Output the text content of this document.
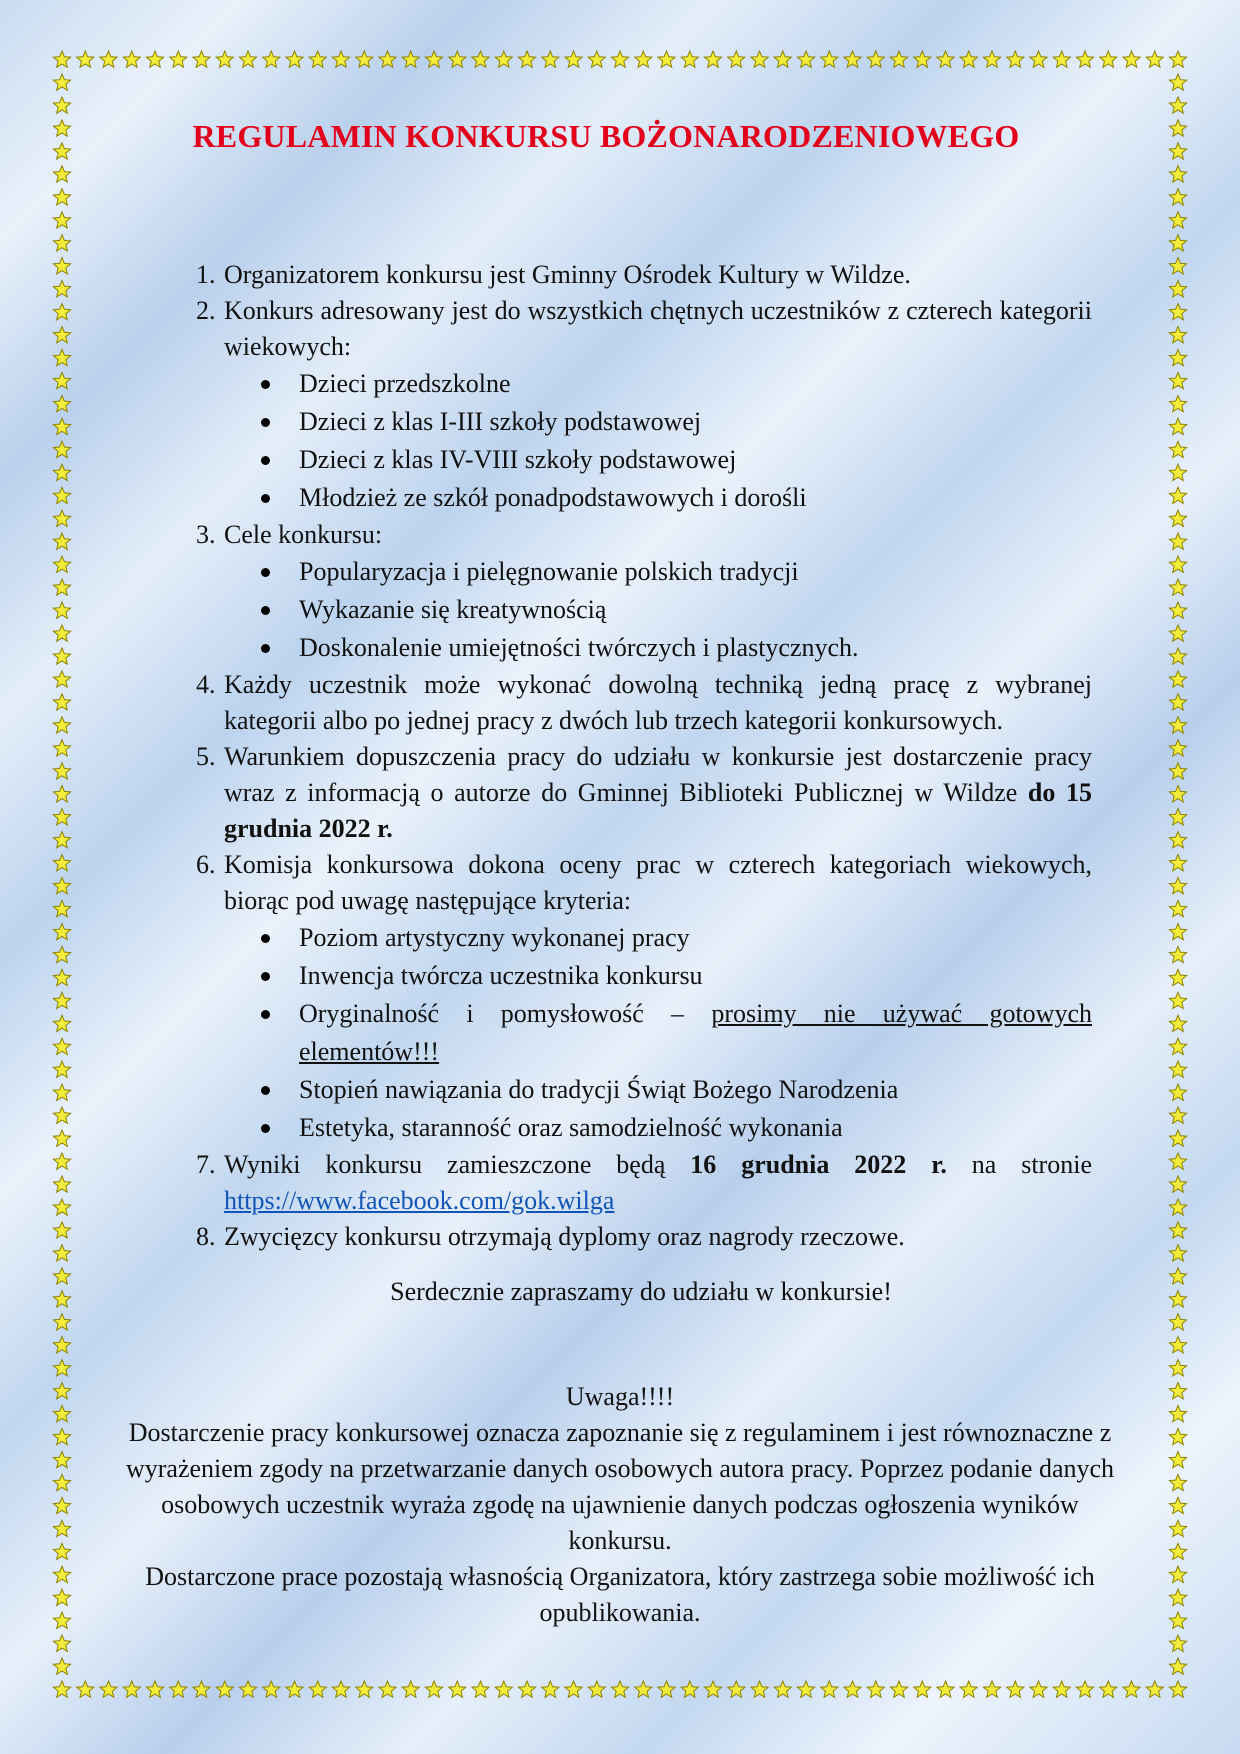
REGULAMIN KONKURSU BOŻONARODZENIOWEGO
1. Organizatorem konkursu jest Gminny Ośrodek Kultury w Wildze.
2. Konkurs adresowany jest do wszystkich chętnych uczestników z czterech kategorii wiekowych:
Dzieci przedszkolne
Dzieci z klas I-III szkoły podstawowej
Dzieci z klas IV-VIII szkoły podstawowej
Młodzież ze szkół ponadpodstawowych i dorośli
3. Cele konkursu:
Popularyzacja i pielęgnowanie polskich tradycji
Wykazanie się kreatywnością
Doskonalenie umiejętności twórczych i plastycznych.
4. Każdy uczestnik może wykonać dowolną techniką jedną pracę z wybranej kategorii albo po jednej pracy z dwóch lub trzech kategorii konkursowych.
5. Warunkiem dopuszczenia pracy do udziału w konkursie jest dostarczenie pracy wraz z informacją o autorze do Gminnej Biblioteki Publicznej w Wildze do 15 grudnia 2022 r.
6. Komisja konkursowa dokona oceny prac w czterech kategoriach wiekowych, biorąc pod uwagę następujące kryteria:
Poziom artystyczny wykonanej pracy
Inwencja twórcza uczestnika konkursu
Oryginalność i pomysłowość – prosimy nie używać gotowych elementów!!!
Stopień nawiązania do tradycji Świąt Bożego Narodzenia
Estetyka, staranność oraz samodzielność wykonania
7. Wyniki konkursu zamieszczone będą 16 grudnia 2022 r. na stronie https://www.facebook.com/gok.wilga
8. Zwycięzcy konkursu otrzymają dyplomy oraz nagrody rzeczowe.
Serdecznie zapraszamy do udziału w konkursie!

Uwaga!!!!

Dostarczenie pracy konkursowej oznacza zapoznanie się z regulaminem i jest równoznaczne z wyrażeniem zgody na przetwarzanie danych osobowych autora pracy. Poprzez podanie danych osobowych uczestnik wyraża zgodę na ujawnienie danych podczas ogłoszenia wyników konkursu.

Dostarczone prace pozostają własnością Organizatora, który zastrzega sobie możliwość ich opublikowania.
